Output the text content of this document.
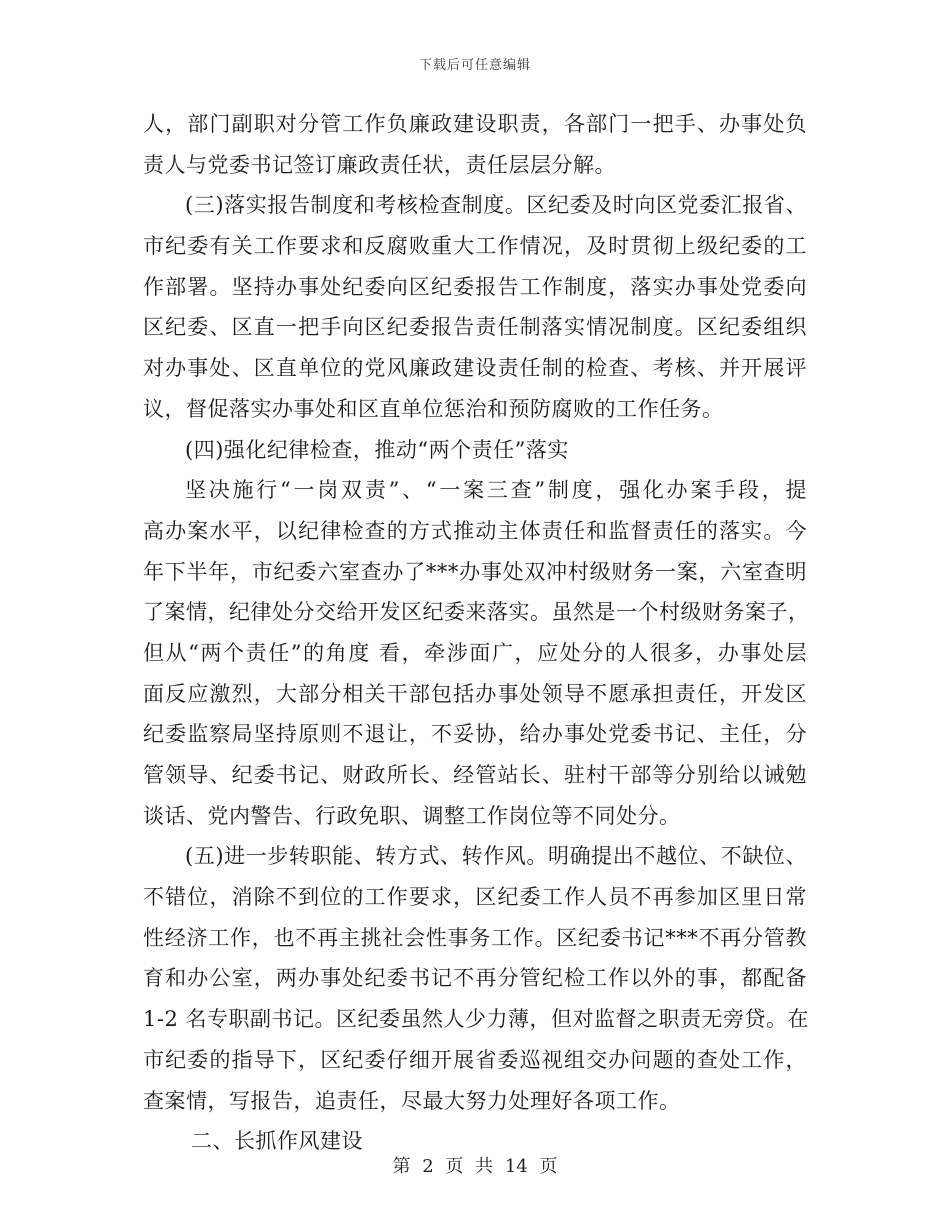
下载后可任意编辑
人，部门副职对分管工作负廉政建设职责，各部门一把手、办事处负
责人与党委书记签订廉政责任状，责任层层分解。
(三)落实报告制度和考核检查制度。区纪委及时向区党委汇报省、
市纪委有关工作要求和反腐败重大工作情况，及时贯彻上级纪委的工
作部署。坚持办事处纪委向区纪委报告工作制度，落实办事处党委向
区纪委、区直一把手向区纪委报告责任制落实情况制度。区纪委组织
对办事处、区直单位的党风廉政建设责任制的检查、考核、并开展评
议，督促落实办事处和区直单位惩治和预防腐败的工作任务。
(四)强化纪律检查，推动“两个责任”落实
坚决施行“一岗双责”、“一案三查”制度，强化办案手段，提
高办案水平，以纪律检查的方式推动主体责任和监督责任的落实。今
年下半年，市纪委六室查办了***办事处双冲村级财务一案，六室查明
了案情，纪律处分交给开发区纪委来落实。虽然是一个村级财务案子，
但从“两个责任”的角度 看，牵涉面广，应处分的人很多，办事处层
面反应激烈，大部分相关干部包括办事处领导不愿承担责任，开发区
纪委监察局坚持原则不退让，不妥协，给办事处党委书记、主任，分
管领导、纪委书记、财政所长、经管站长、驻村干部等分别给以诫勉
谈话、党内警告、行政免职、调整工作岗位等不同处分。
(五)进一步转职能、转方式、转作风。明确提出不越位、不缺位、
不错位，消除不到位的工作要求，区纪委工作人员不再参加区里日常
性经济工作，也不再主挑社会性事务工作。区纪委书记***不再分管教
育和办公室，两办事处纪委书记不再分管纪检工作以外的事，都配备
1-2 名专职副书记。区纪委虽然人少力薄，但对监督之职责无旁贷。在
市纪委的指导下，区纪委仔细开展省委巡视组交办问题的查处工作，
查案情，写报告，追责任，尽最大努力处理好各项工作。
二、长抓作风建设
第 2 页 共 14 页
